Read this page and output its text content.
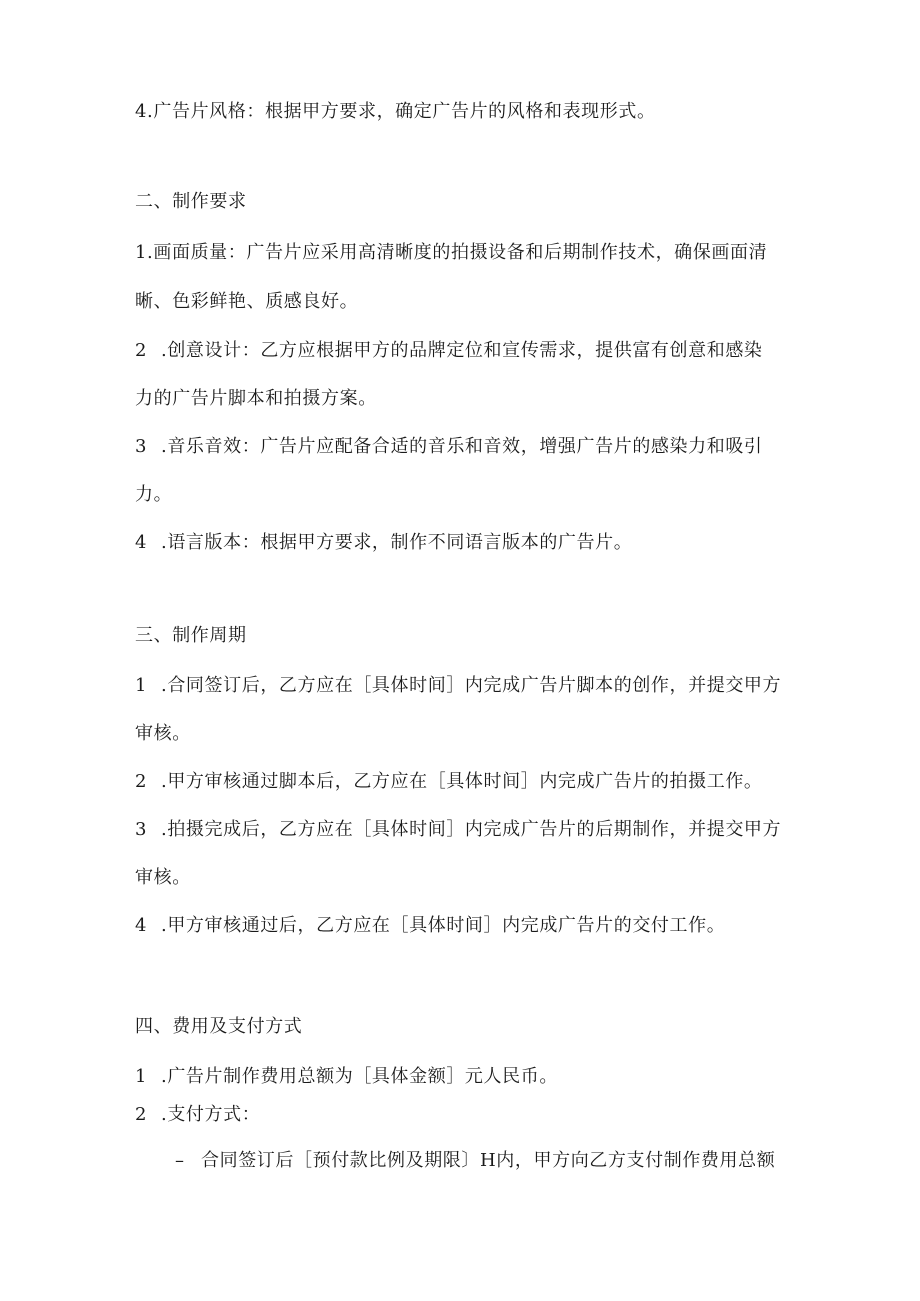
4.广告片风格：根据甲方要求，确定广告片的风格和表现形式。
二、制作要求
1.画面质量：广告片应采用高清晰度的拍摄设备和后期制作技术，确保画面清
晰、色彩鲜艳、质感良好。
2 .创意设计：乙方应根据甲方的品牌定位和宣传需求，提供富有创意和感染
力的广告片脚本和拍摄方案。
3 .音乐音效：广告片应配备合适的音乐和音效，增强广告片的感染力和吸引
力。
4 .语言版本：根据甲方要求，制作不同语言版本的广告片。
三、制作周期
1 .合同签订后，乙方应在［具体时间］内完成广告片脚本的创作，并提交甲方
审核。
2 .甲方审核通过脚本后，乙方应在［具体时间］内完成广告片的拍摄工作。
3 .拍摄完成后，乙方应在［具体时间］内完成广告片的后期制作，并提交甲方
审核。
4 .甲方审核通过后，乙方应在［具体时间］内完成广告片的交付工作。
四、费用及支付方式
1 .广告片制作费用总额为［具体金额］元人民币。
2 .支付方式：
– 合同签订后［预付款比例及期限〕H内，甲方向乙方支付制作费用总额
